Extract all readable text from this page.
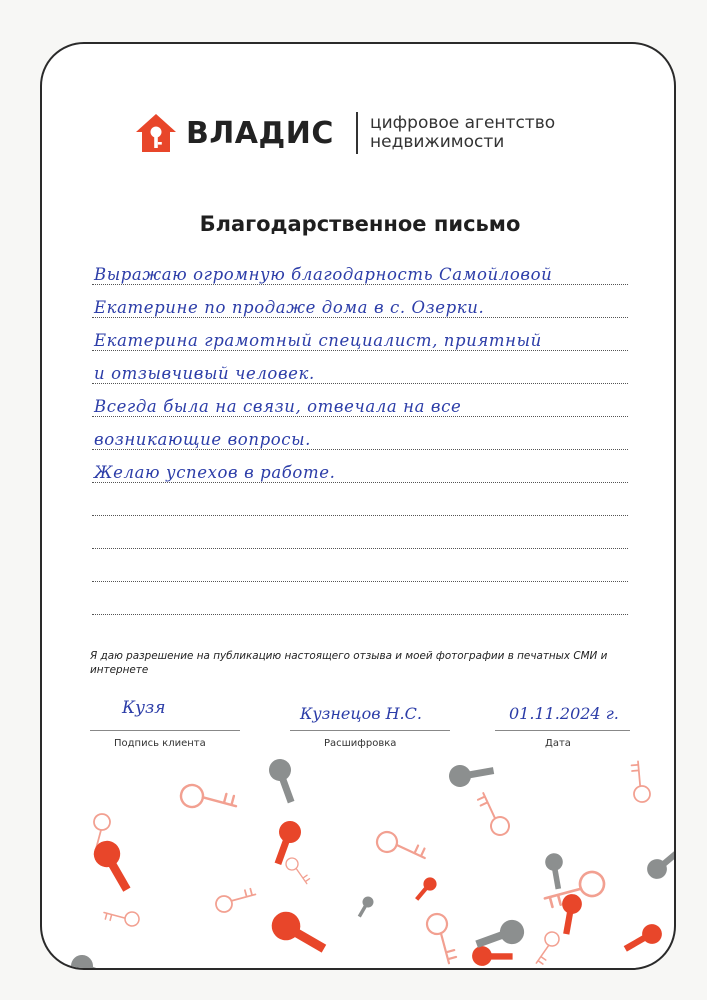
ВЛАДИС цифровое агентство
недвижимости
Благодарственное письмо
Выражаю огромную благодарность Самойловой
Екатерине по продаже дома в с. Озерки.
Екатерина грамотный специалист, приятный
и отзывчивый человек.
Всегда была на связи, отвечала на все
возникающие вопросы.
Желаю успехов в работе.
Я даю разрешение на публикацию настоящего отзыва и моей фотографии в печатных СМИ и интернете
Кузя
Подпись клиента
Кузнецов Н.С.
Расшифровка
01.11.2024 г.
Дата
